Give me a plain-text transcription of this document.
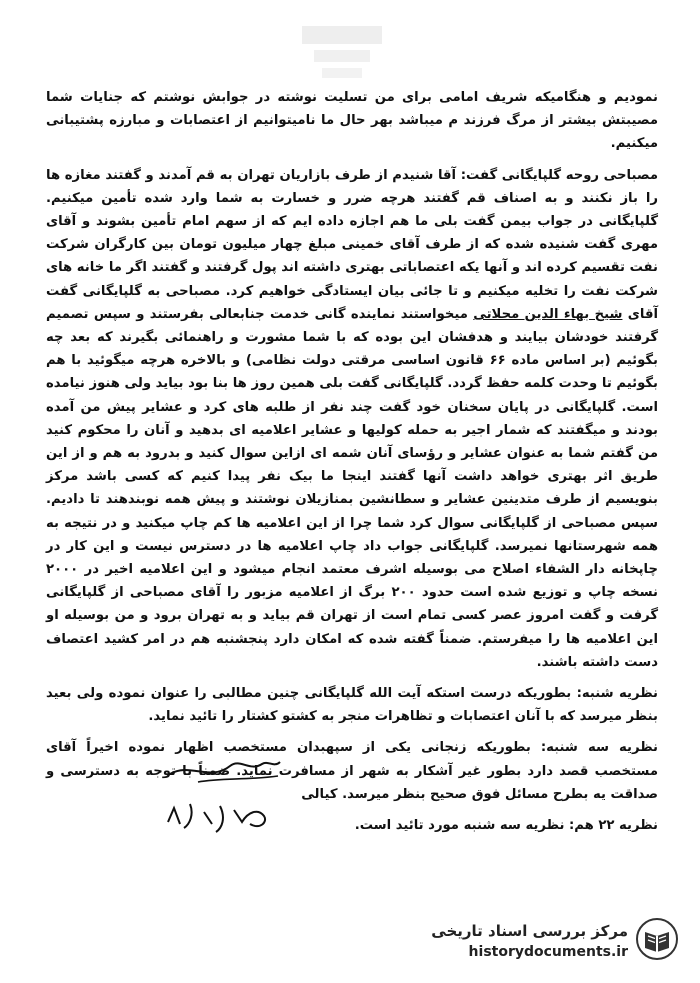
نمودیم و هنگامیکه شریف امامی برای من تسلیت نوشته در جوابش نوشتم که جنایات شما مصیبتش بیشتر از مرگ فرزند م میباشد بهر حال ما نامیتوانیم از اعتصابات و مبارزه پشتیبانی میکنیم.

مصباحی روحه گلپایگانی گفت: آقا شنیدم از طرف بازاریان تهران به قم آمدند و گفتند مغازه ها را باز نکنند و به اصناف قم گفتند هرچه ضرر و خسارت به شما وارد شده تأمین میکنیم. گلپایگانی در جواب بیمن گفت بلی ما هم اجازه داده ایم که از سهم امام تأمین بشوند و آقای مهری گفت شنیده شده که از طرف آقای خمینی مبلغ چهار میلیون تومان بین کارگران شرکت نفت تقسیم کرده اند و آنها یکه اعتصاباتی بهتری داشته اند پول گرفتند و گفتند اگر ما خانه های شرکت نفت را تخلیه میکنیم و تا جائی بیان ایستادگی خواهیم کرد. مصباحی به گلپایگانی گفت آقای شیخ بهاء الدین محلاتی میخواستند نماینده گانی خدمت جنابعالی بفرستند و سپس تصمیم گرفتند خودشان بیایند و هدفشان این بوده که با شما مشورت و راهنمائی بگیرند که بعد چه بگوئیم (بر اساس ماده ۶۶ قانون اساسی مرقتی دولت نظامی) و بالاخره هرچه میگوئید با هم بگوئیم تا وحدت کلمه حفظ گردد. گلپایگانی گفت بلی همین روز ها بنا بود بیاید ولی هنوز نیامده است. گلپایگانی در پایان سخنان خود گفت چند نفر از طلبه های کرد و عشایر پیش من آمده بودند و میگفتند که شمار اجیر به حمله کولیها و عشایر اعلامیه ای بدهید و آنان را محکوم کنید من گفتم شما به عنوان عشایر و رؤسای آنان شمه ای ازاین سوال کنید و بدرود به هم و از این طریق اثر بهتری خواهد داشت آنها گفتند اینجا ما بیک نفر پیدا کنیم که کسی باشد مرکز بنویسیم از طرف متدینین عشایر و سطانشین بمنازیلان نوشتند و پیش همه نوبندهند تا دادیم. سپس مصباحی از گلپایگانی سوال کرد شما چرا از این اعلامیه ها کم چاپ میکنید و در نتیجه به همه شهرستانها نمیرسد. گلپایگانی جواب داد چاپ اعلامیه ها در دسترس نیست و این کار در چاپخانه دار الشفاء اصلاح می بوسیله اشرف معتمد انجام میشود و این اعلامیه اخیر در ۲۰۰۰ نسخه چاپ و توزیع شده است حدود ۲۰۰ برگ از اعلامیه مزبور را آقای مصباحی از گلپایگانی گرفت و گفت امروز عصر کسی تمام است از تهران قم بیاید و به تهران برود و من بوسیله او این اعلامیه ها را میفرستم. ضمناً گفته شده که امکان دارد پنجشنبه هم در امر کشید اعتصاف دست داشته باشند.

نظریه شنبه: بطوریکه درست استکه آیت الله گلپایگانی چنین مطالبی را عنوان نموده ولی بعید بنظر میرسد که با آنان اعتصابات و تظاهرات منجر به کشتو کشتار را تائید نماید.

نظریه سه شنبه: بطوریکه زنجانی یکی از سپهبدان مستخصب اظهار نموده اخیراً آقای مستخصب قصد دارد بطور غیر آشکار به شهر از مسافرت نماید. ضمناً با توجه به دسترسی و صداقت یه بطرح مسائل فوق صحیح بنظر میرسد. کیالی

نظریه ۲۲ هم: نظریه سه شنبه مورد تائید است.

مرکز بررسی اسناد تاریخی
historydocuments.ir
